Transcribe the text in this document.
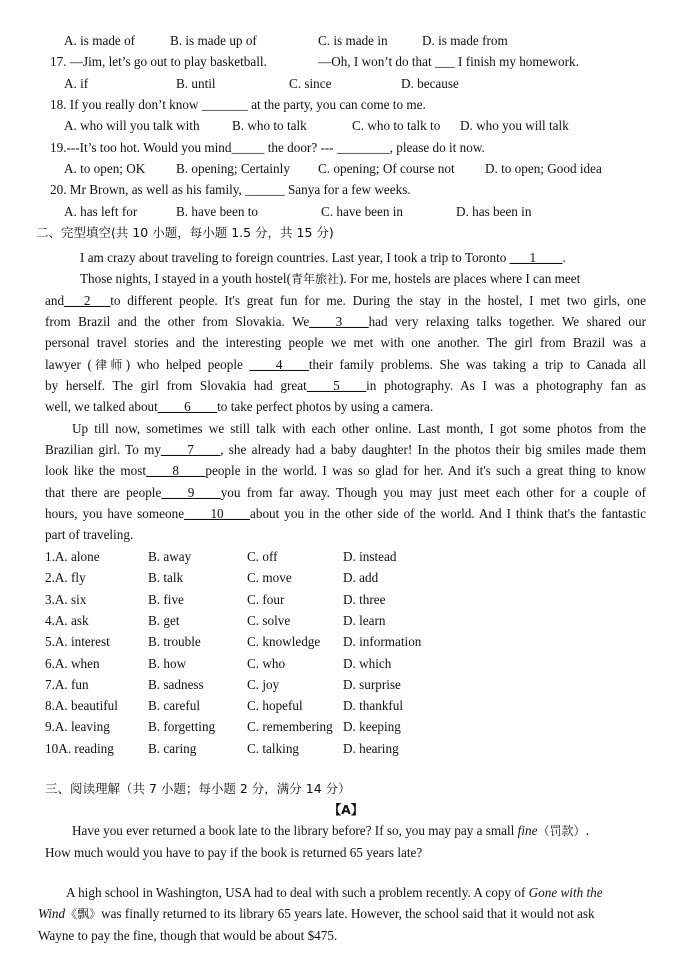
A. is made of	B. is made up of	C. is made in	D. is made from
17. —Jim, let’s go out to play basketball.	—Oh, I won’t do that ___ I finish my homework.
A. if	B. until	C. since	D. because
18. If you really don’t know _______ at the party, you can come to me.
A. who will you talk with B. who to talk	C. who to talk to D. who you will talk
19.---It’s too hot. Would you mind_____ the door? --- ________, please do it now.
A. to open; OK B. opening; Certainly C. opening; Of course not D. to open; Good idea
20. Mr Brown, as well as his family, ______ Sanya for a few weeks.
A. has left for	B. have been to	C. have been in	D. has been in
二、完型填空(共 10 小题，每小题 1.5 分，共 15 分)
I am crazy about traveling to foreign countries. Last year, I took a trip to Toronto ___1____.
Those nights, I stayed in a youth hostel(青年旅社). For me, hostels are places where I can meet
and___2___to different people. It's great fun for me. During the stay in the hostel, I met two girls, one
from Brazil and the other from Slovakia. We____3____had very relaxing talks together. We shared our
personal travel stories and the interesting people we met with one another. The girl from Brazil was a
lawyer (律师) who helped people ____4____their family problems. She was taking a trip to Canada all
by herself. The girl from Slovakia had great____5____in photography. As I was a photography fan as
well, we talked about____6____to take perfect photos by using a camera.
Up till now, sometimes we still talk with each other online. Last month, I got some photos from the
Brazilian girl. To my____7____, she already had a baby daughter! In the photos their big smiles made them
look like the most____8____people in the world. I was so glad for her. And it's such a great thing to know
that there are people____9____you from far away. Though you may just meet each other for a couple of
hours, you have someone____10____about you in the other side of the world. And I think that's the fantastic
part of traveling.
1.A. alone	B. away	C. off	D. instead
2.A. fly	B. talk	C. move	D. add
3.A. six	B. five	C. four	D. three
4.A. ask	B. get	C. solve	D. learn
5.A. interest	B. trouble	C. knowledge D. information
6.A. when	B. how	C. who	D. which
7.A. fun	B. sadness	C. joy	D. surprise
8.A. beautiful B. careful	C. hopeful	D. thankful
9.A. leaving	B. forgetting C. remembering D. keeping
10A. reading	B. caring	C. talking	D. hearing
三、阅读理解（共 7 小题；每小题 2 分，满分 14 分）
【A】
Have you ever returned a book late to the library before? If so, you may pay a small fine（罚款）.
How much would you have to pay if the book is returned 65 years late?
A high school in Washington, USA had to deal with such a problem recently. A copy of Gone with the
Wind《飘》was finally returned to its library 65 years late. However, the school said that it would not ask
Wayne to pay the fine, though that would be about $475.
